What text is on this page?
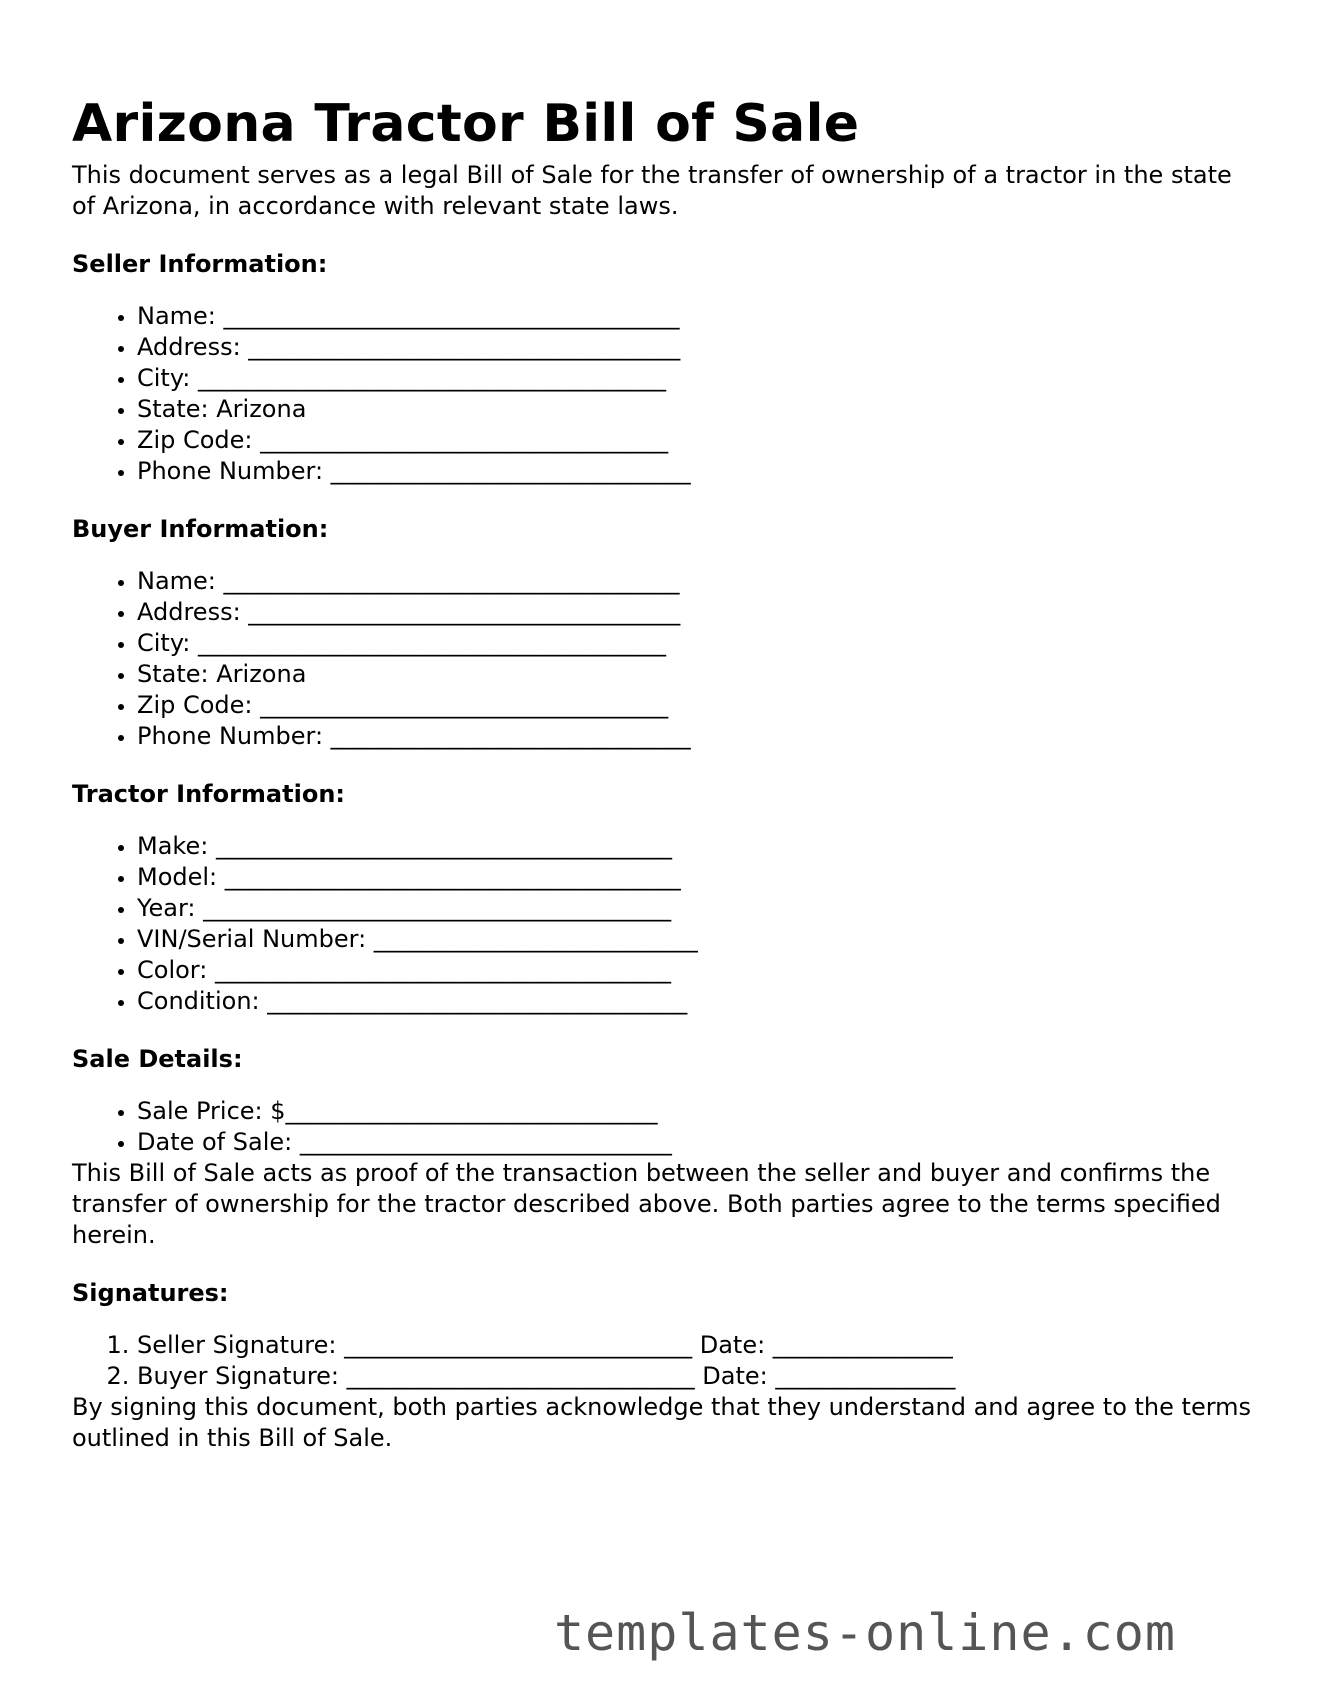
Arizona Tractor Bill of Sale

This document serves as a legal Bill of Sale for the transfer of ownership of a tractor in the state of Arizona, in accordance with relevant state laws.

Seller Information:
• Name: ______________________________________
• Address: ____________________________________
• City: _______________________________________
• State: Arizona
• Zip Code: __________________________________
• Phone Number: ______________________________
Buyer Information:
• Name: ______________________________________
• Address: ____________________________________
• City: _______________________________________
• State: Arizona
• Zip Code: __________________________________
• Phone Number: ______________________________
Tractor Information:
• Make: ______________________________________
• Model: ______________________________________
• Year: _______________________________________
• VIN/Serial Number: ___________________________
• Color: ______________________________________
• Condition: ___________________________________
Sale Details:
• Sale Price: $_______________________________
• Date of Sale: _______________________________

This Bill of Sale acts as proof of the transaction between the seller and buyer and confirms the transfer of ownership for the tractor described above. Both parties agree to the terms specified herein.

Signatures:
1. Seller Signature: _____________________________ Date: _______________
2. Buyer Signature: _____________________________ Date: _______________

By signing this document, both parties acknowledge that they understand and agree to the terms outlined in this Bill of Sale.

templates-online.com
